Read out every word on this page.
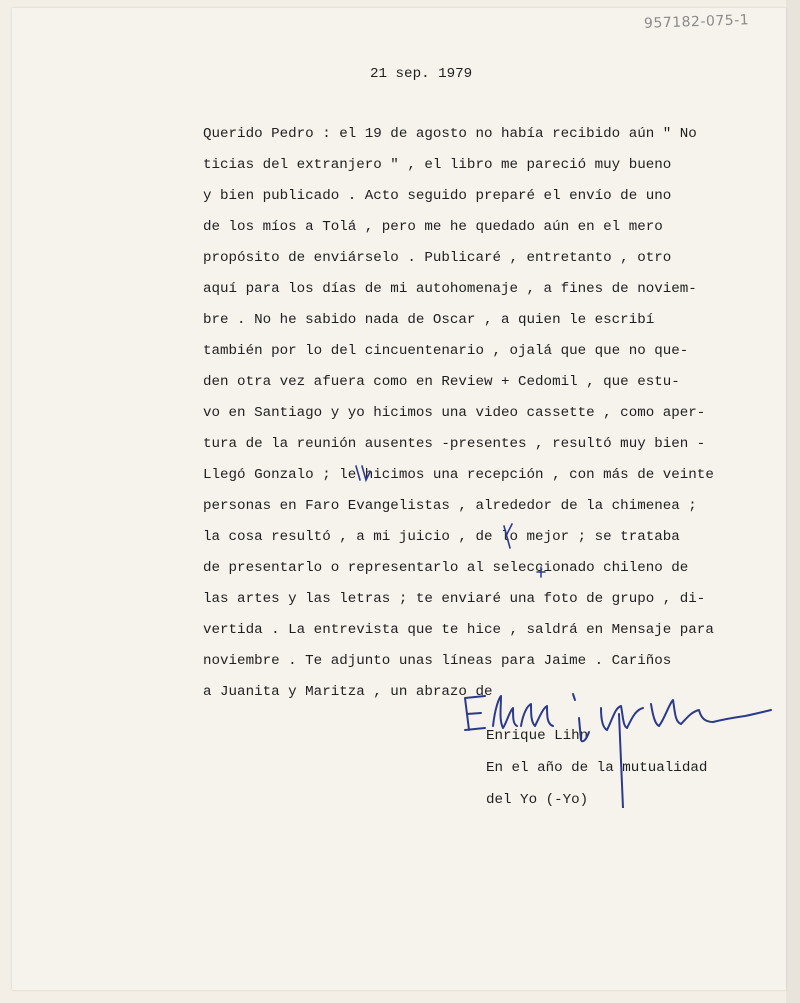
957182-075-1
21 sep. 1979
Querido Pedro : el 19 de agosto no había recibido aún " No
ticias del extranjero " , el libro me pareció muy bueno
y bien publicado . Acto seguido preparé el envío de uno
de los míos a Tolá , pero me he quedado aún en el mero
propósito de enviárselo . Publicaré , entretanto , otro
aquí para los días de mi autohomenaje , a fines de noviem-
bre . No he sabido nada de Oscar , a quien le escribí
también por lo del cincuentenario , ojalá que que no que-
den otra vez afuera como en Review + Cedomil , que estu-
vo en Santiago y yo hicimos una video cassette , como aper-
tura de la reunión ausentes -presentes , resultó muy bien -
Llegó Gonzalo ; le hicimos una recepción , con más de veinte
personas en Faro Evangelistas , alrededor de la chimenea ;
la cosa resultó , a mi juicio , de lo mejor ; se trataba
de presentarlo o representarlo al seleccionado chileno de
las artes y las letras ; te enviaré una foto de grupo , di-
vertida . La entrevista que te hice , saldrá en Mensaje para
noviembre . Te adjunto unas líneas para Jaime . Cariños
a Juanita y Maritza , un abrazo de
Enrique Lihn
En el año de la mutualidad
del Yo (-Yo)
